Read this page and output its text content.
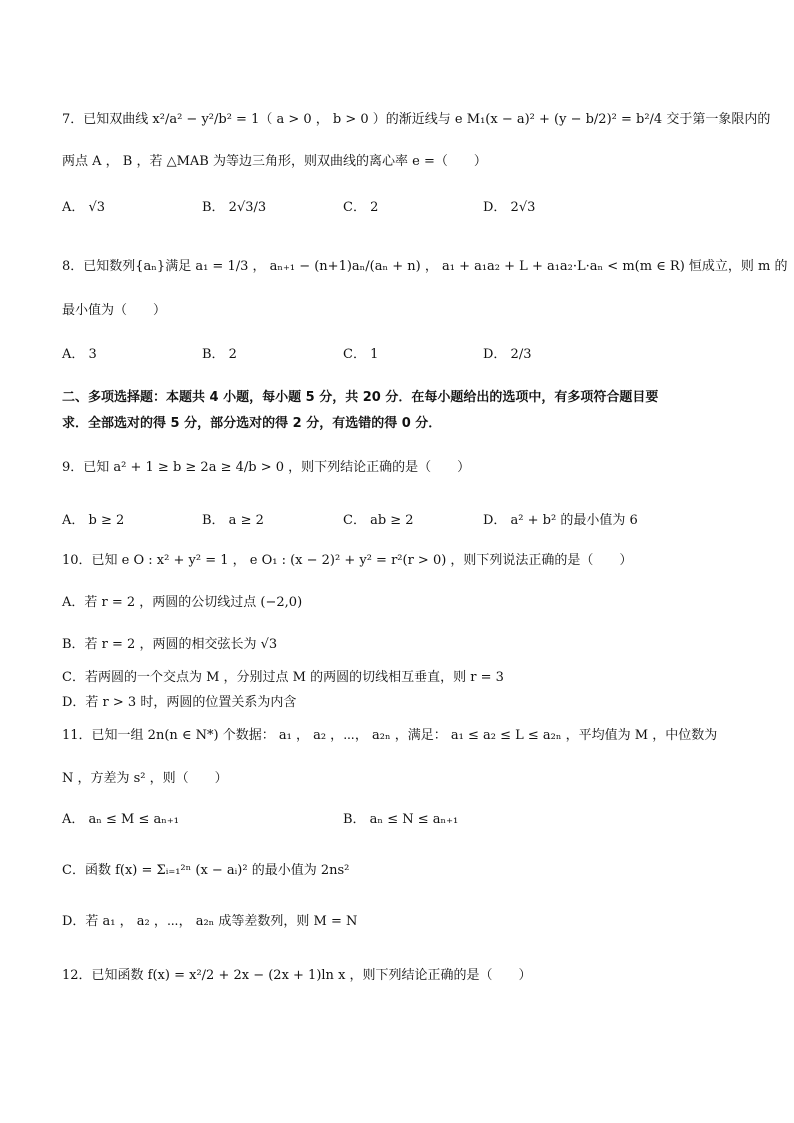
7．已知双曲线 x²/a² − y²/b² = 1（ a > 0 ， b > 0 ）的渐近线与 e M₁(x − a)² + (y − b/2)² = b²/4 交于第一象限内的
两点 A ， B ，若 △MAB 为等边三角形，则双曲线的离心率 e =（　　）
A． √3	B． 2√3/3	C． 2	D． 2√3
8．已知数列{aₙ}满足 a₁ = 1/3 ， aₙ₊₁ − (n+1)aₙ/(aₙ + n) ， a₁ + a₁a₂ + L + a₁a₂·L·aₙ < m(m ∈ R) 恒成立，则 m 的
最小值为（　　）
A． 3	B． 2	C． 1	D． 2/3
二、多项选择题：本题共 4 小题，每小题 5 分，共 20 分．在每小题给出的选项中，有多项符合题目要
求．全部选对的得 5 分，部分选对的得 2 分，有选错的得 0 分．
9．已知 a² + 1 ≥ b ≥ 2a ≥ 4/b > 0 ，则下列结论正确的是（　　）
A． b ≥ 2	B． a ≥ 2	C． ab ≥ 2	D． a² + b² 的最小值为 6
10．已知 e O : x² + y² = 1 ， e O₁ : (x − 2)² + y² = r²(r > 0) ，则下列说法正确的是（　　）
A．若 r = 2 ，两圆的公切线过点 (−2,0)
B．若 r = 2 ，两圆的相交弦长为 √3
C．若两圆的一个交点为 M ，分别过点 M 的两圆的切线相互垂直，则 r = 3
D．若 r > 3 时，两圆的位置关系为内含
11．已知一组 2n(n ∈ N*) 个数据： a₁ ， a₂ ，⋯， a₂ₙ ，满足： a₁ ≤ a₂ ≤ L ≤ a₂ₙ ，平均值为 M ，中位数为
N ，方差为 s² ，则（　　）
A． aₙ ≤ M ≤ aₙ₊₁	B． aₙ ≤ N ≤ aₙ₊₁
C．函数 f(x) = Σᵢ₌₁²ⁿ (x − aᵢ)² 的最小值为 2ns²
D．若 a₁ ， a₂ ，⋯， a₂ₙ 成等差数列，则 M = N
12．已知函数 f(x) = x²/2 + 2x − (2x + 1)ln x ，则下列结论正确的是（　　）
